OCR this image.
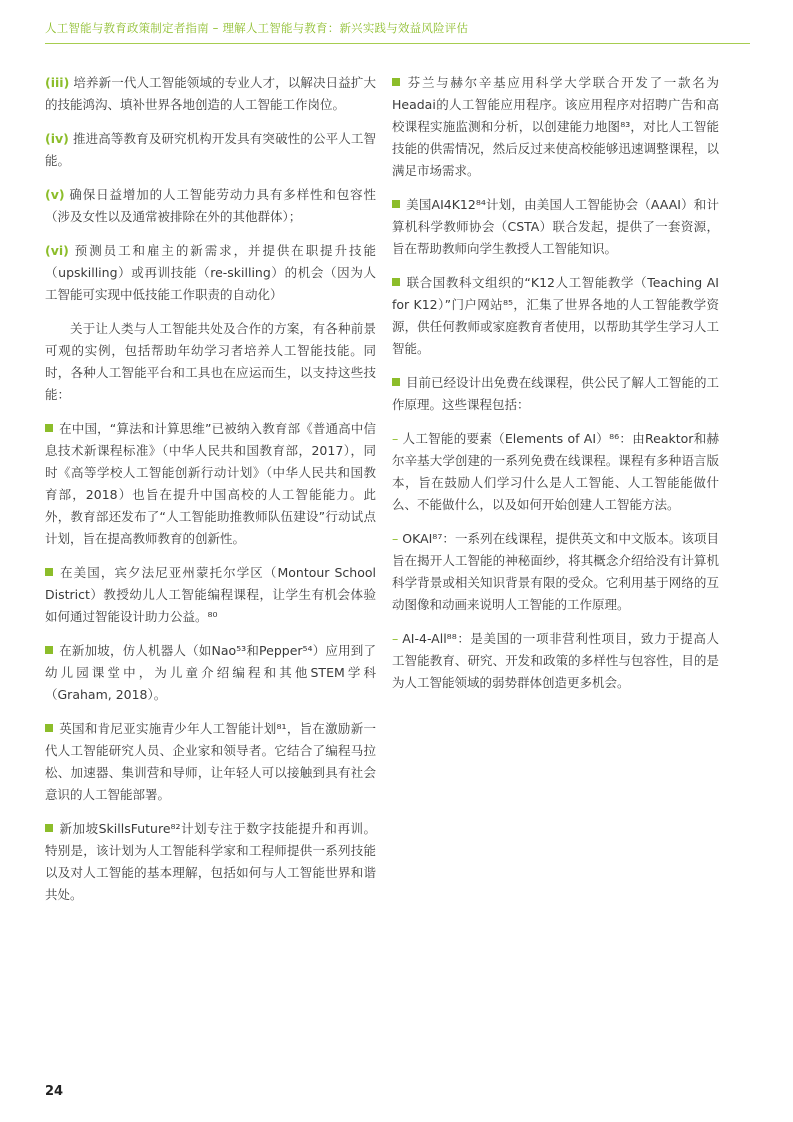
人工智能与教育政策制定者指南 – 理解人工智能与教育：新兴实践与效益风险评估

(iii) 培养新一代人工智能领域的专业人才，以解决日益扩大的技能鸿沟、填补世界各地创造的人工智能工作岗位。

(iv) 推进高等教育及研究机构开发具有突破性的公平人工智能。

(v) 确保日益增加的人工智能劳动力具有多样性和包容性（涉及女性以及通常被排除在外的其他群体）；

(vi) 预测员工和雇主的新需求，并提供在职提升技能（upskilling）或再训技能（re-skilling）的机会（因为人工智能可实现中低技能工作职责的自动化）

关于让人类与人工智能共处及合作的方案，有各种前景可观的实例，包括帮助年幼学习者培养人工智能技能。同时，各种人工智能平台和工具也在应运而生，以支持这些技能：

在中国，“算法和计算思维”已被纳入教育部《普通高中信息技术新课程标准》（中华人民共和国教育部，2017），同时《高等学校人工智能创新行动计划》（中华人民共和国教育部，2018）也旨在提升中国高校的人工智能能力。此外，教育部还发布了“人工智能助推教师队伍建设”行动试点计划，旨在提高教师教育的创新性。

在美国，宾夕法尼亚州蒙托尔学区（Montour School District）教授幼儿人工智能编程课程，让学生有机会体验如何通过智能设计助力公益。⁸⁰

在新加坡，仿人机器人（如Nao⁵³和Pepper⁵⁴）应用到了幼儿园课堂中，为儿童介绍编程和其他STEM学科（Graham, 2018）。

英国和肯尼亚实施青少年人工智能计划⁸¹，旨在激励新一代人工智能研究人员、企业家和领导者。它结合了编程马拉松、加速器、集训营和导师，让年轻人可以接触到具有社会意识的人工智能部署。

新加坡SkillsFuture⁸²计划专注于数字技能提升和再训。特别是，该计划为人工智能科学家和工程师提供一系列技能以及对人工智能的基本理解，包括如何与人工智能世界和谐共处。

芬兰与赫尔辛基应用科学大学联合开发了一款名为Headai的人工智能应用程序。该应用程序对招聘广告和高校课程实施监测和分析，以创建能力地图⁸³，对比人工智能技能的供需情况，然后反过来使高校能够迅速调整课程，以满足市场需求。

美国AI4K12⁸⁴计划，由美国人工智能协会（AAAI）和计算机科学教师协会（CSTA）联合发起，提供了一套资源，旨在帮助教师向学生教授人工智能知识。

联合国教科文组织的“K12人工智能教学（Teaching AI for K12）”门户网站⁸⁵，汇集了世界各地的人工智能教学资源，供任何教师或家庭教育者使用，以帮助其学生学习人工智能。

目前已经设计出免费在线课程，供公民了解人工智能的工作原理。这些课程包括：

– 人工智能的要素（Elements of AI）⁸⁶：由Reaktor和赫尔辛基大学创建的一系列免费在线课程。课程有多种语言版本，旨在鼓励人们学习什么是人工智能、人工智能能做什么、不能做什么，以及如何开始创建人工智能方法。

– OKAI⁸⁷：一系列在线课程，提供英文和中文版本。该项目旨在揭开人工智能的神秘面纱，将其概念介绍给没有计算机科学背景或相关知识背景有限的受众。它利用基于网络的互动图像和动画来说明人工智能的工作原理。

– AI-4-All⁸⁸：是美国的一项非营利性项目，致力于提高人工智能教育、研究、开发和政策的多样性与包容性，目的是为人工智能领域的弱势群体创造更多机会。

24
